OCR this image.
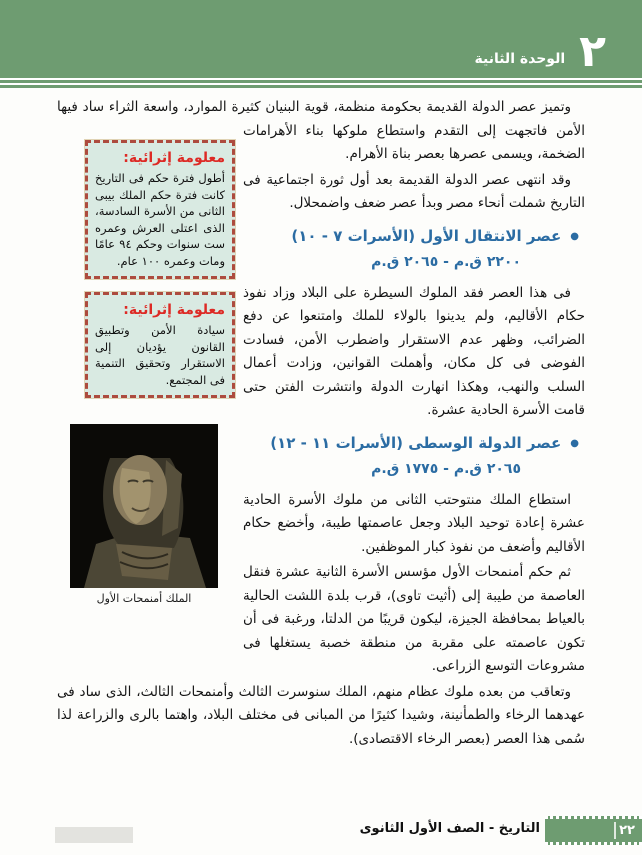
٢
الوحدة الثانية
معلومة إثرائية:
أطول فترة حكم فى التاريخ كانت فترة حكم الملك بيبى الثانى من الأسرة السادسة، الذى اعتلى العرش وعمره ست سنوات وحكم ٩٤ عامًا ومات وعمره ١٠٠ عام.
معلومة إثرائية:
سيادة الأمن وتطبيق القانون يؤديان إلى الاستقرار وتحقيق التنمية فى المجتمع.
الملك أمنمحات الأول

وتميز عصر الدولة القديمة بحكومة منظمة، قوية البنيان كثيرة الموارد، واسعة الثراء ساد فيها الأمن فاتجهت إلى التقدم واستطاع ملوكها بناء الأهرامات الضخمة، ويسمى عصرها بعصر بناة الأهرام.

وقد انتهى عصر الدولة القديمة بعد أول ثورة اجتماعية فى التاريخ شملت أنحاء مصر وبدأ عصر ضعف واضمحلال.

●عصر الانتقال الأول (الأسرات ٧ - ١٠)
٢٢٠٠ ق.م - ٢٠٦٥ ق.م

فى هذا العصر فقد الملوك السيطرة على البلاد وزاد نفوذ حكام الأقاليم، ولم يدينوا بالولاء للملك وامتنعوا عن دفع الضرائب، وظهر عدم الاستقرار واضطرب الأمن، فسادت الفوضى فى كل مكان، وأهملت القوانين، وزادت أعمال السلب والنهب، وهكذا انهارت الدولة وانتشرت الفتن حتى قامت الأسرة الحادية عشرة.

●عصر الدولة الوسطى (الأسرات ١١ - ١٢)
٢٠٦٥ ق.م - ١٧٧٥ ق.م

استطاع الملك منتوحتب الثانى من ملوك الأسرة الحادية عشرة إعادة توحيد البلاد وجعل عاصمتها طيبة، وأخضع حكام الأقاليم وأضعف من نفوذ كبار الموظفين.

ثم حكم أمنمحات الأول مؤسس الأسرة الثانية عشرة فنقل العاصمة من طيبة إلى (أثيت تاوى)، قرب بلدة اللشت الحالية بالعياط بمحافظة الجيزة، ليكون قريبًا من الدلتا، ورغبة فى أن تكون عاصمته على مقربة من منطقة خصبة يستغلها فى مشروعات التوسع الزراعى.

وتعاقب من بعده ملوك عظام منهم، الملك سنوسرت الثالث وأمنمحات الثالث، الذى ساد فى عهدهما الرخاء والطمأنينة، وشيدا كثيرًا من المبانى فى مختلف البلاد، واهتما بالرى والزراعة لذا سُمى هذا العصر (بعصر الرخاء الاقتصادى).

التاريخ - الصف الأول الثانوى	٢٢
